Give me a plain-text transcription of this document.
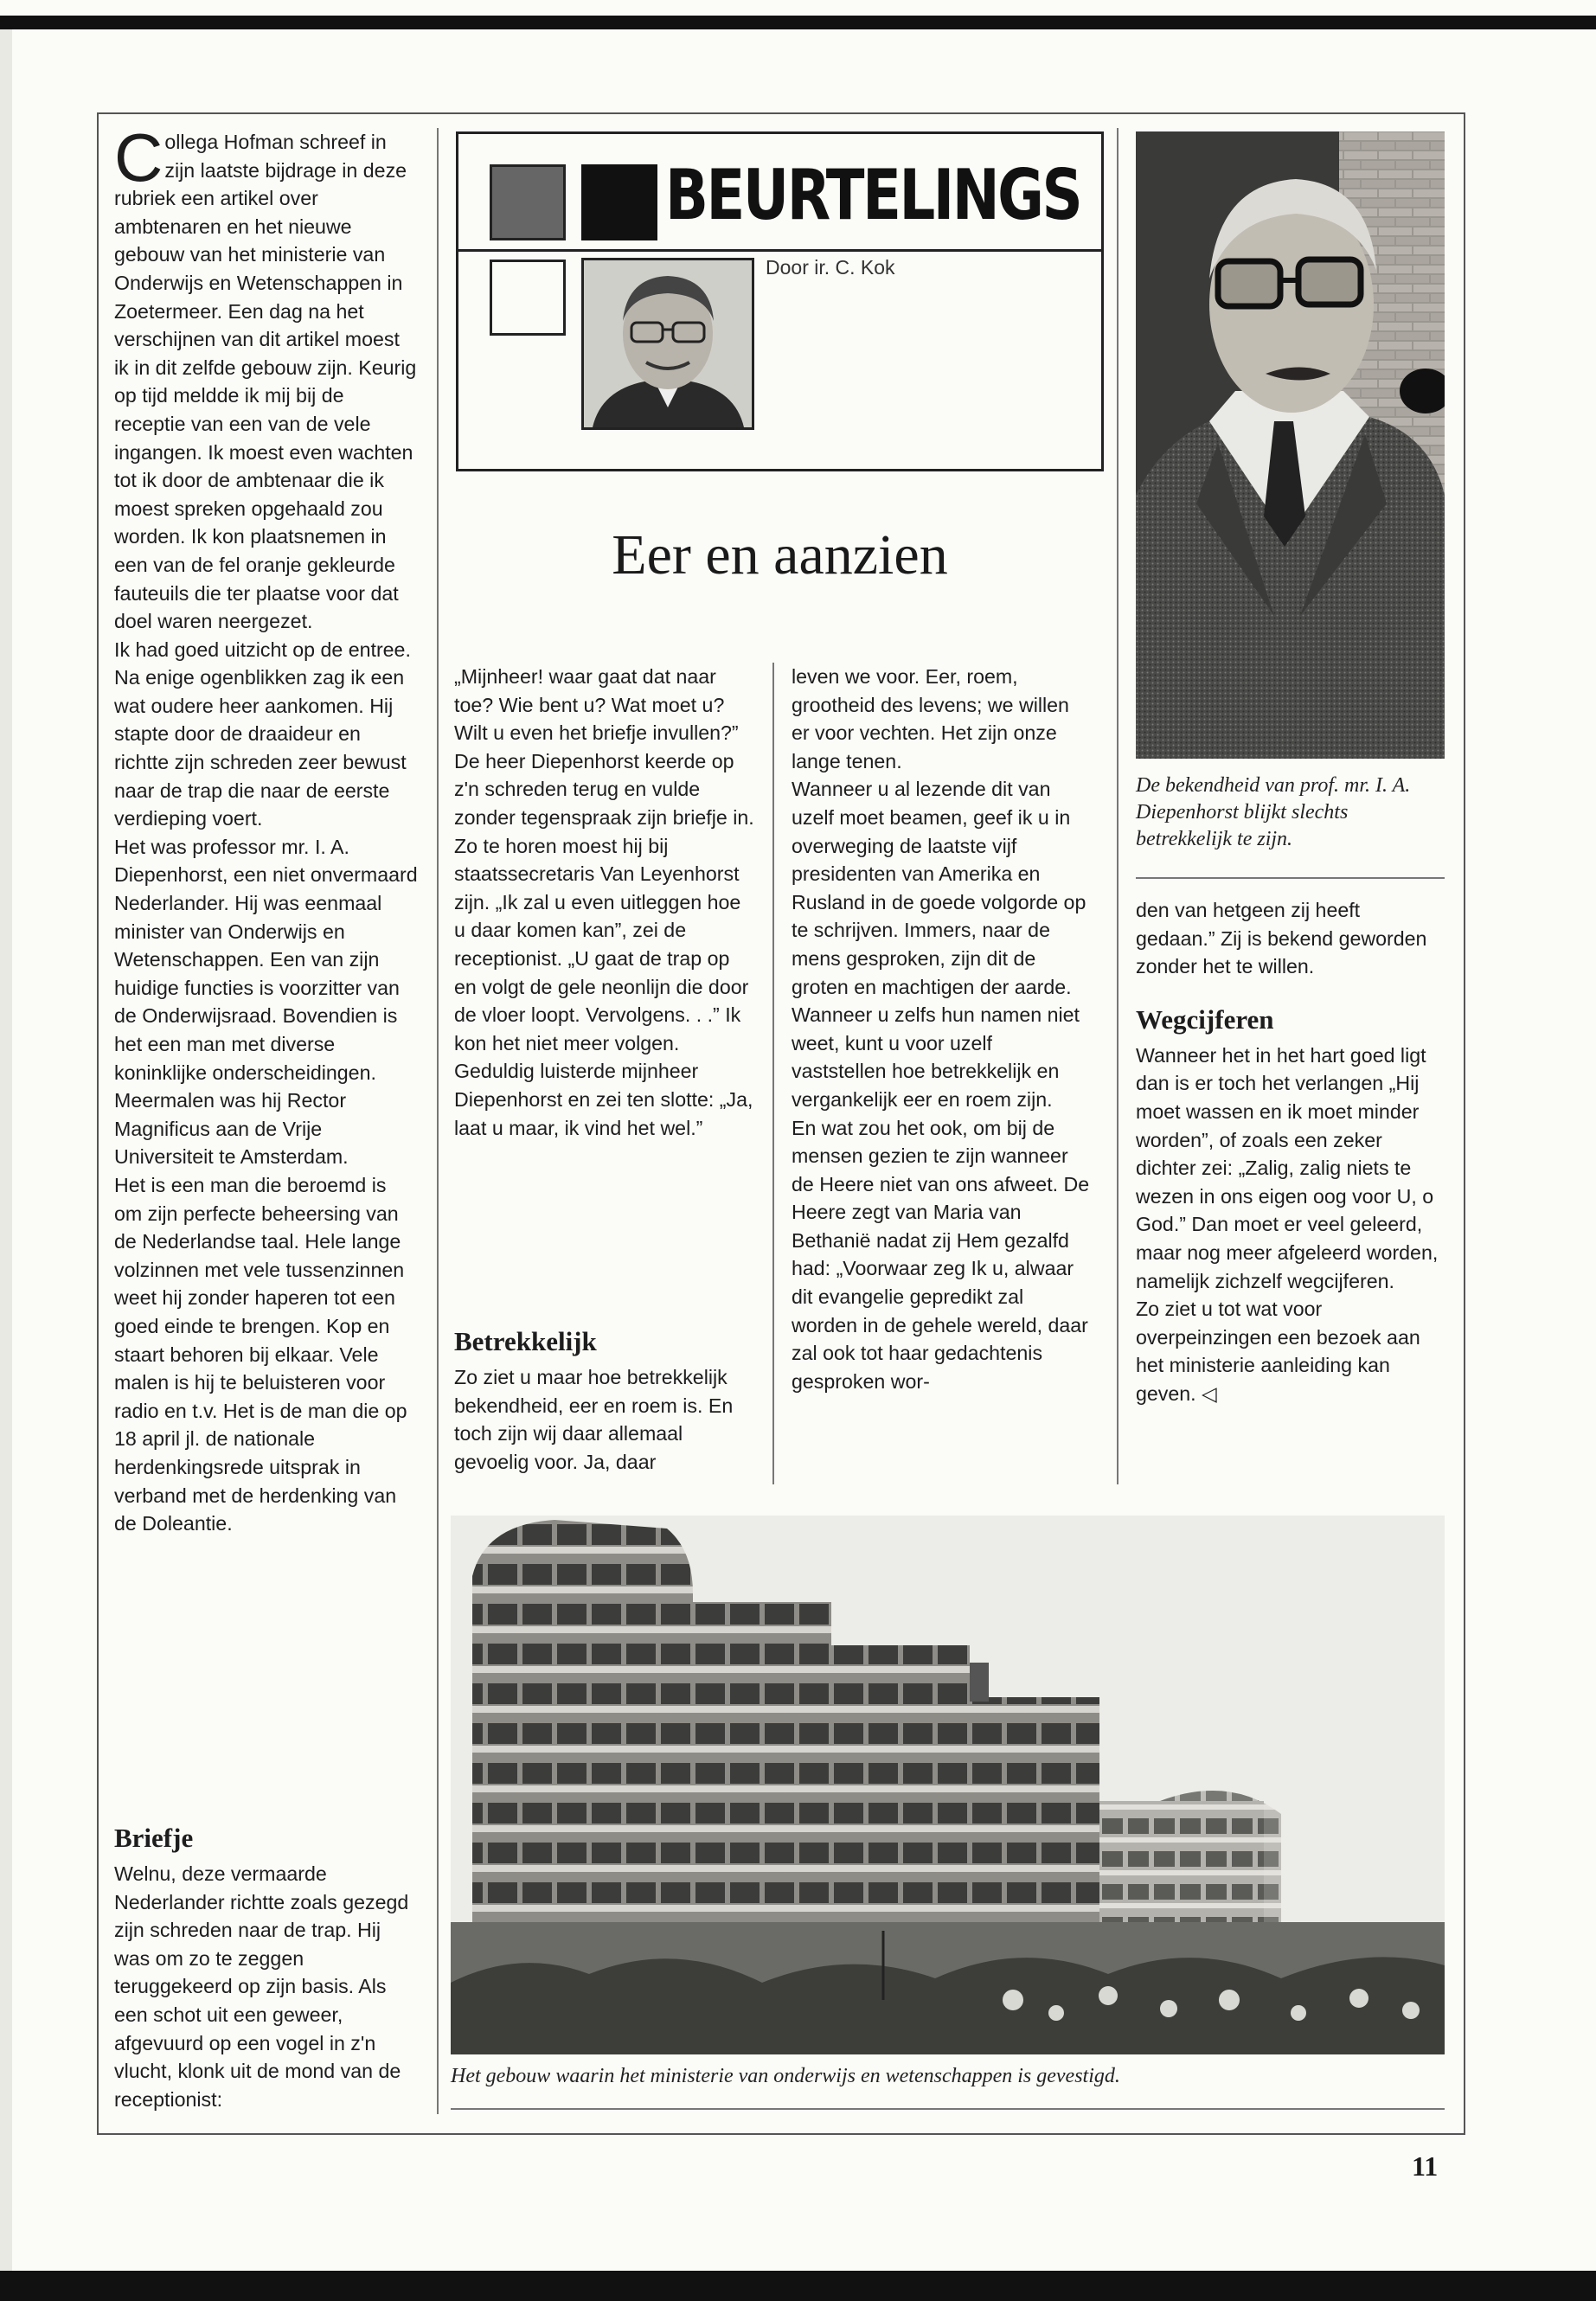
C ollega Hofman schreef in zijn laatste bijdrage in deze rubriek een artikel over ambtenaren en het nieuwe gebouw van het ministerie van Onderwijs en Wetenschappen in Zoetermeer. Een dag na het verschijnen van dit artikel moest ik in dit zelfde gebouw zijn. Keurig op tijd meldde ik mij bij de receptie van een van de vele ingangen. Ik moest even wachten tot ik door de ambtenaar die ik moest spreken opgehaald zou worden. Ik kon plaatsnemen in een van de fel oranje gekleurde fauteuils die ter plaatse voor dat doel waren neergezet.

Ik had goed uitzicht op de entree. Na enige ogenblikken zag ik een wat oudere heer aankomen. Hij stapte door de draaideur en richtte zijn schreden zeer bewust naar de trap die naar de eerste verdieping voert.

Het was professor mr. I. A. Diepenhorst, een niet onvermaard Nederlander. Hij was eenmaal minister van Onderwijs en Wetenschappen. Een van zijn huidige functies is voorzitter van de Onderwijsraad. Bovendien is het een man met diverse koninklijke onderscheidingen. Meermalen was hij Rector Magnificus aan de Vrije Universiteit te Amsterdam.

Het is een man die beroemd is om zijn perfecte beheersing van de Nederlandse taal. Hele lange volzinnen met vele tussenzinnen weet hij zonder haperen tot een goed einde te brengen. Kop en staart behoren bij elkaar. Vele malen is hij te beluisteren voor radio en t.v. Het is de man die op 18 april jl. de nationale herdenkingsrede uitsprak in verband met de herdenking van de Doleantie.

Briefje

Welnu, deze vermaarde Nederlander richtte zoals gezegd zijn schreden naar de trap. Hij was om zo te zeggen teruggekeerd op zijn basis. Als een schot uit een geweer, afgevuurd op een vogel in z'n vlucht, klonk uit de mond van de receptionist:

BEURTELINGS
Door ir. C. Kok
Eer en aanzien

„Mijnheer! waar gaat dat naar toe? Wie bent u? Wat moet u? Wilt u even het briefje invullen?”

De heer Diepenhorst keerde op z'n schreden terug en vulde zonder tegenspraak zijn briefje in.

Zo te horen moest hij bij staatssecretaris Van Leyenhorst zijn. „Ik zal u even uitleggen hoe u daar komen kan”, zei de receptionist. „U gaat de trap op en volgt de gele neonlijn die door de vloer loopt. Vervolgens. . .” Ik kon het niet meer volgen.

Geduldig luisterde mijnheer Diepenhorst en zei ten slotte: „Ja, laat u maar, ik vind het wel.”

Betrekkelijk

Zo ziet u maar hoe betrekkelijk bekendheid, eer en roem is. En toch zijn wij daar allemaal gevoelig voor. Ja, daar

leven we voor. Eer, roem, grootheid des levens; we willen er voor vechten. Het zijn onze lange tenen.

Wanneer u al lezende dit van uzelf moet beamen, geef ik u in overweging de laatste vijf presidenten van Amerika en Rusland in de goede volgorde op te schrijven. Immers, naar de mens gesproken, zijn dit de groten en machtigen der aarde. Wanneer u zelfs hun namen niet weet, kunt u voor uzelf vaststellen hoe betrekkelijk en vergankelijk eer en roem zijn.

En wat zou het ook, om bij de mensen gezien te zijn wanneer de Heere niet van ons afweet. De Heere zegt van Maria van Bethanië nadat zij Hem gezalfd had: „Voorwaar zeg Ik u, alwaar dit evangelie gepredikt zal worden in de gehele wereld, daar zal ook tot haar gedachtenis gesproken wor-

De bekendheid van prof. mr. I. A. Diepenhorst blijkt slechts betrekkelijk te zijn.

den van hetgeen zij heeft gedaan.” Zij is bekend geworden zonder het te willen.

Wegcijferen

Wanneer het in het hart goed ligt dan is er toch het verlangen „Hij moet wassen en ik moet minder worden”, of zoals een zeker dichter zei: „Zalig, zalig niets te wezen in ons eigen oog voor U, o God.” Dan moet er veel geleerd, maar nog meer afgeleerd worden, namelijk zichzelf wegcijferen.

Zo ziet u tot wat voor overpeinzingen een bezoek aan het ministerie aanleiding kan geven. ◁

Het gebouw waarin het ministerie van onderwijs en wetenschappen is gevestigd.
11
